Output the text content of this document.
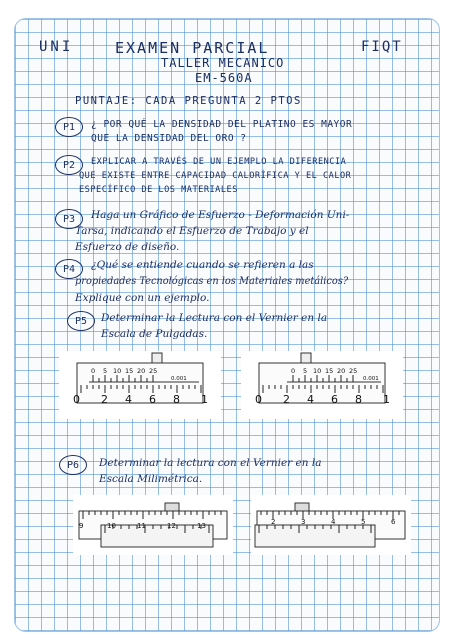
UNI	EXAMEN PARCIAL	FIQT
TALLER MECANICO
EM-560A
PUNTAJE: CADA PREGUNTA 2 PTOS
P1	¿ POR QUÉ LA DENSIDAD DEL PLATINO ES MAYOR
QUE LA DENSIDAD DEL ORO ?
P2	EXPLICAR A TRAVÉS DE UN EJEMPLO LA DIFERENCIA
QUE EXISTE ENTRE CAPACIDAD CALORÍFICA Y EL CALOR
ESPECÍFICO DE LOS MATERIALES
P3	Haga un Gráfico de Esfuerzo - Deformación Uni-
Tarsa, indicando el Esfuerzo de Trabajo y el
Esfuerzo de diseño.
P4	¿Qué se entiende cuando se refieren a las
propiedades Tecnológicas en los Materiales metálicos?
Explique con un ejemplo.
P5	Determinar la Lectura con el Vernier en la
Escala de Pulgadas.
0 5 10 15 20 25
0.001
0 2 4 6 8 1
0 5 10 15 20 25
0.001
0 2 4 6 8 1
P6	Determinar la lectura con el Vernier en la
Escala Milimétrica.
9	10	11	12	13	2	3	4	5	6
